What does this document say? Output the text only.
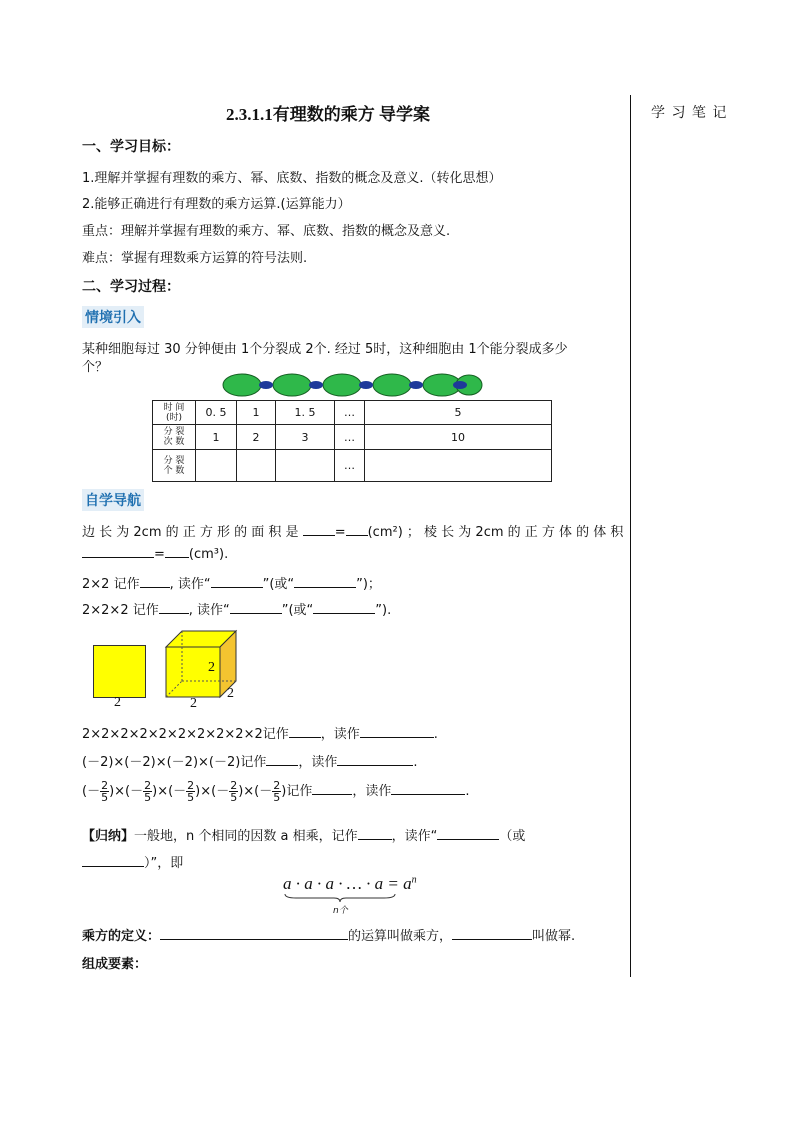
2.3.1.1有理数的乘方 导学案	学 习 笔 记
一、学习目标：
1.理解并掌握有理数的乘方、幂、底数、指数的概念及意义.（转化思想）
2.能够正确进行有理数的乘方运算.(运算能力）
重点：理解并掌握有理数的乘方、幂、底数、指数的概念及意义.
难点：掌握有理数乘方运算的符号法则.
二、学习过程：
情境引入
某种细胞每过 30 分钟便由 1个分裂成 2个. 经过 5时，这种细胞由 1个能分裂成多少
个？
时 间
(时)	0. 5	1	1. 5	…	5
分 裂
次 数	1	2	3	…	10
分 裂
个 数				…	
自学导航
边 长 为 2cm 的 正 方 形 的 面 积 是	= (cm²) ； 棱 长 为 2cm 的 正 方 体 的 体 积
= (cm³).
2×2 记作 , 读作“	”(或“	”)；
2×2×2 记作 , 读作“	”(或“	”).
2	2
2
2
2×2×2×2×2×2×2×2×2×2记作 ，读作	.
(－2)×(－2)×(－2)×(－2)记作 ，读作	.
(－ $\frac{2}{5}$ )×(－ $\frac{2}{5}$ )×(－ $\frac{2}{5}$ )×(－ $\frac{2}{5}$ )×(－ $\frac{2}{5}$ )记作	，读作	.
【归纳】一般地，n 个相同的因数 a 相乘，记作	，读作“	（或
）”，即
a · a · a · … · $a = a^n$
n个
乘方的定义：	的运算叫做乘方，	叫做幂.
组成要素：
